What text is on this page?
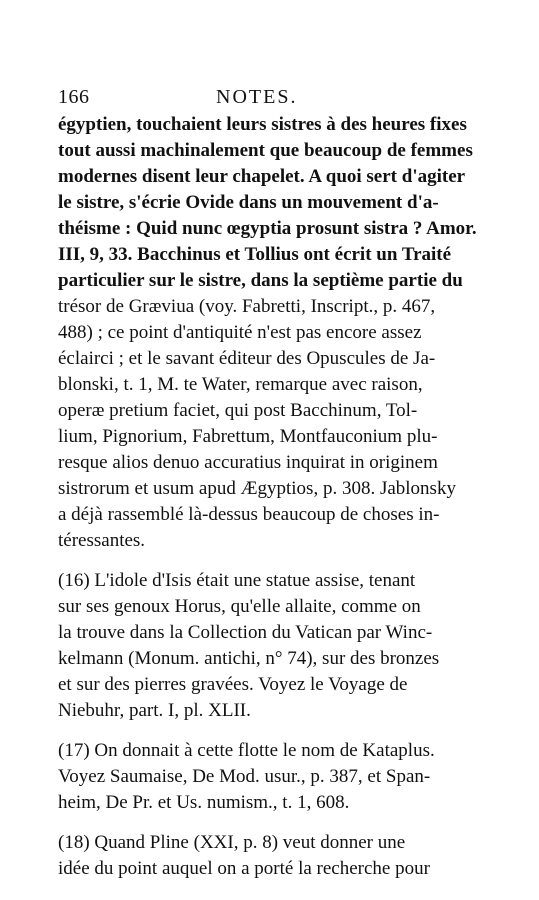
166	NOTES.
égyptien, touchaient leurs sistres à des heures fixes
tout aussi machinalement que beaucoup de femmes
modernes disent leur chapelet. A quoi sert d'agiter
le sistre, s'écrie Ovide dans un mouvement d'a-
théisme : Quid nunc œgyptia prosunt sistra ? Amor.
III, 9, 33. Bacchinus et Tollius ont écrit un Traité
particulier sur le sistre, dans la septième partie du
trésor de Græviua (voy. Fabretti, Inscript., p. 467,
488) ; ce point d'antiquité n'est pas encore assez
éclairci ; et le savant éditeur des Opuscules de Ja-
blonski, t. 1, M. te Water, remarque avec raison,
operæ pretium faciet, qui post Bacchinum, Tol-
lium, Pignorium, Fabrettum, Montfauconium plu-
resque alios denuo accuratius inquirat in originem
sistrorum et usum apud Ægyptios, p. 308. Jablonsky
a déjà rassemblé là-dessus beaucoup de choses in-
téressantes.
(16) L'idole d'Isis était une statue assise, tenant
sur ses genoux Horus, qu'elle allaite, comme on
la trouve dans la Collection du Vatican par Winc-
kelmann (Monum. antichi, n° 74), sur des bronzes
et sur des pierres gravées. Voyez le Voyage de
Niebuhr, part. I, pl. XLII.
(17) On donnait à cette flotte le nom de Kataplus.
Voyez Saumaise, De Mod. usur., p. 387, et Span-
heim, De Pr. et Us. numism., t. 1, 608.
(18) Quand Pline (XXI, p. 8) veut donner une
idée du point auquel on a porté la recherche pour
